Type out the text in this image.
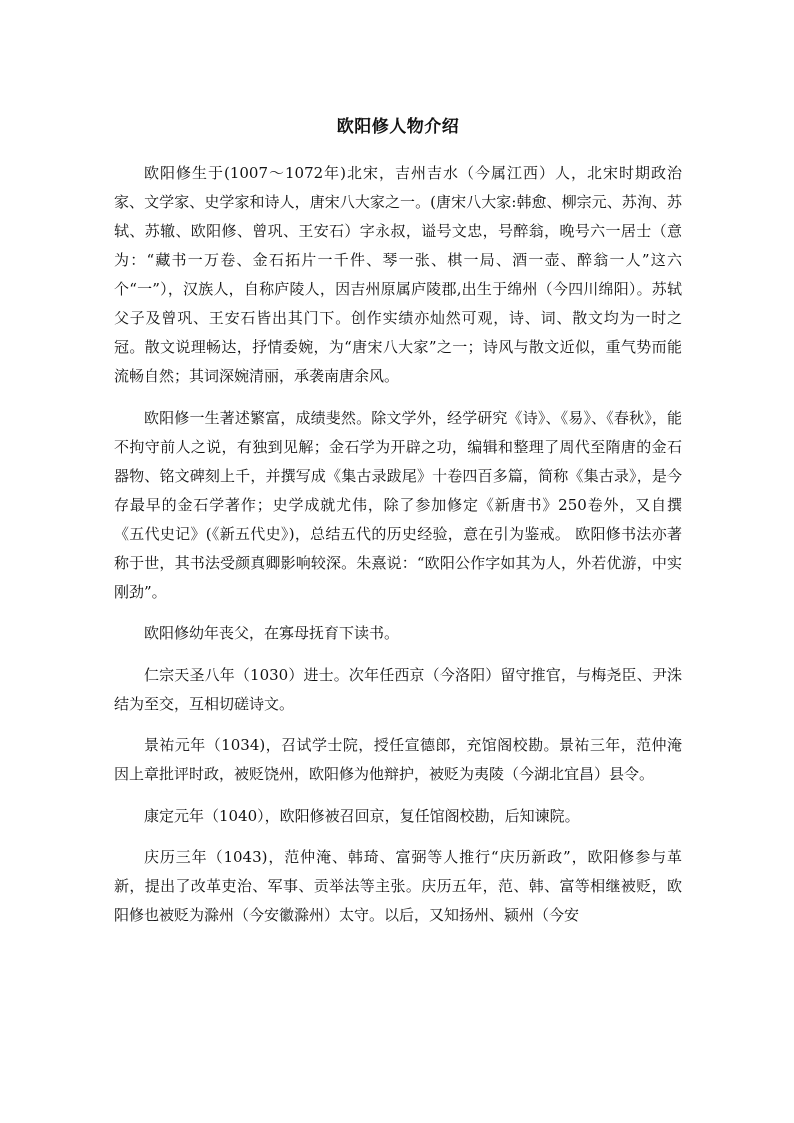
欧阳修人物介绍

欧阳修生于(1007～1072年)北宋，吉州吉水（今属江西）人，北宋时期政治家、文学家、史学家和诗人，唐宋八大家之一。(唐宋八大家:韩愈、柳宗元、苏洵、苏轼、苏辙、欧阳修、曾巩、王安石）字永叔，谥号文忠，号醉翁，晚号六一居士（意为：“藏书一万卷、金石拓片一千件、琴一张、棋一局、酒一壶、醉翁一人”这六个“一”），汉族人，自称庐陵人，因吉州原属庐陵郡,出生于绵州（今四川绵阳）。苏轼父子及曾巩、王安石皆出其门下。创作实绩亦灿然可观，诗、词、散文均为一时之冠。散文说理畅达，抒情委婉，为“唐宋八大家”之一；诗风与散文近似，重气势而能流畅自然；其词深婉清丽，承袭南唐余风。

欧阳修一生著述繁富，成绩斐然。除文学外，经学研究《诗》、《易》、《春秋》，能不拘守前人之说，有独到见解；金石学为开辟之功，编辑和整理了周代至隋唐的金石器物、铭文碑刻上千，并撰写成《集古录跋尾》十卷四百多篇，简称《集古录》，是今存最早的金石学著作；史学成就尤伟，除了参加修定《新唐书》250卷外，又自撰《五代史记》(《新五代史》)，总结五代的历史经验，意在引为鉴戒。 欧阳修书法亦著称于世，其书法受颜真卿影响较深。朱熹说：“欧阳公作字如其为人，外若优游，中实刚劲”。

欧阳修幼年丧父，在寡母抚育下读书。

仁宗天圣八年（1030）进士。次年任西京（今洛阳）留守推官，与梅尧臣、尹洙结为至交，互相切磋诗文。

景祐元年（1034)，召试学士院，授任宣德郎，充馆阁校勘。景祐三年，范仲淹因上章批评时政，被贬饶州，欧阳修为他辩护，被贬为夷陵（今湖北宜昌）县令。

康定元年（1040），欧阳修被召回京，复任馆阁校勘，后知谏院。

庆历三年（1043)，范仲淹、韩琦、富弼等人推行“庆历新政”，欧阳修参与革新，提出了改革吏治、军事、贡举法等主张。庆历五年，范、韩、富等相继被贬，欧阳修也被贬为滁州（今安徽滁州）太守。以后，又知扬州、颍州（今安
